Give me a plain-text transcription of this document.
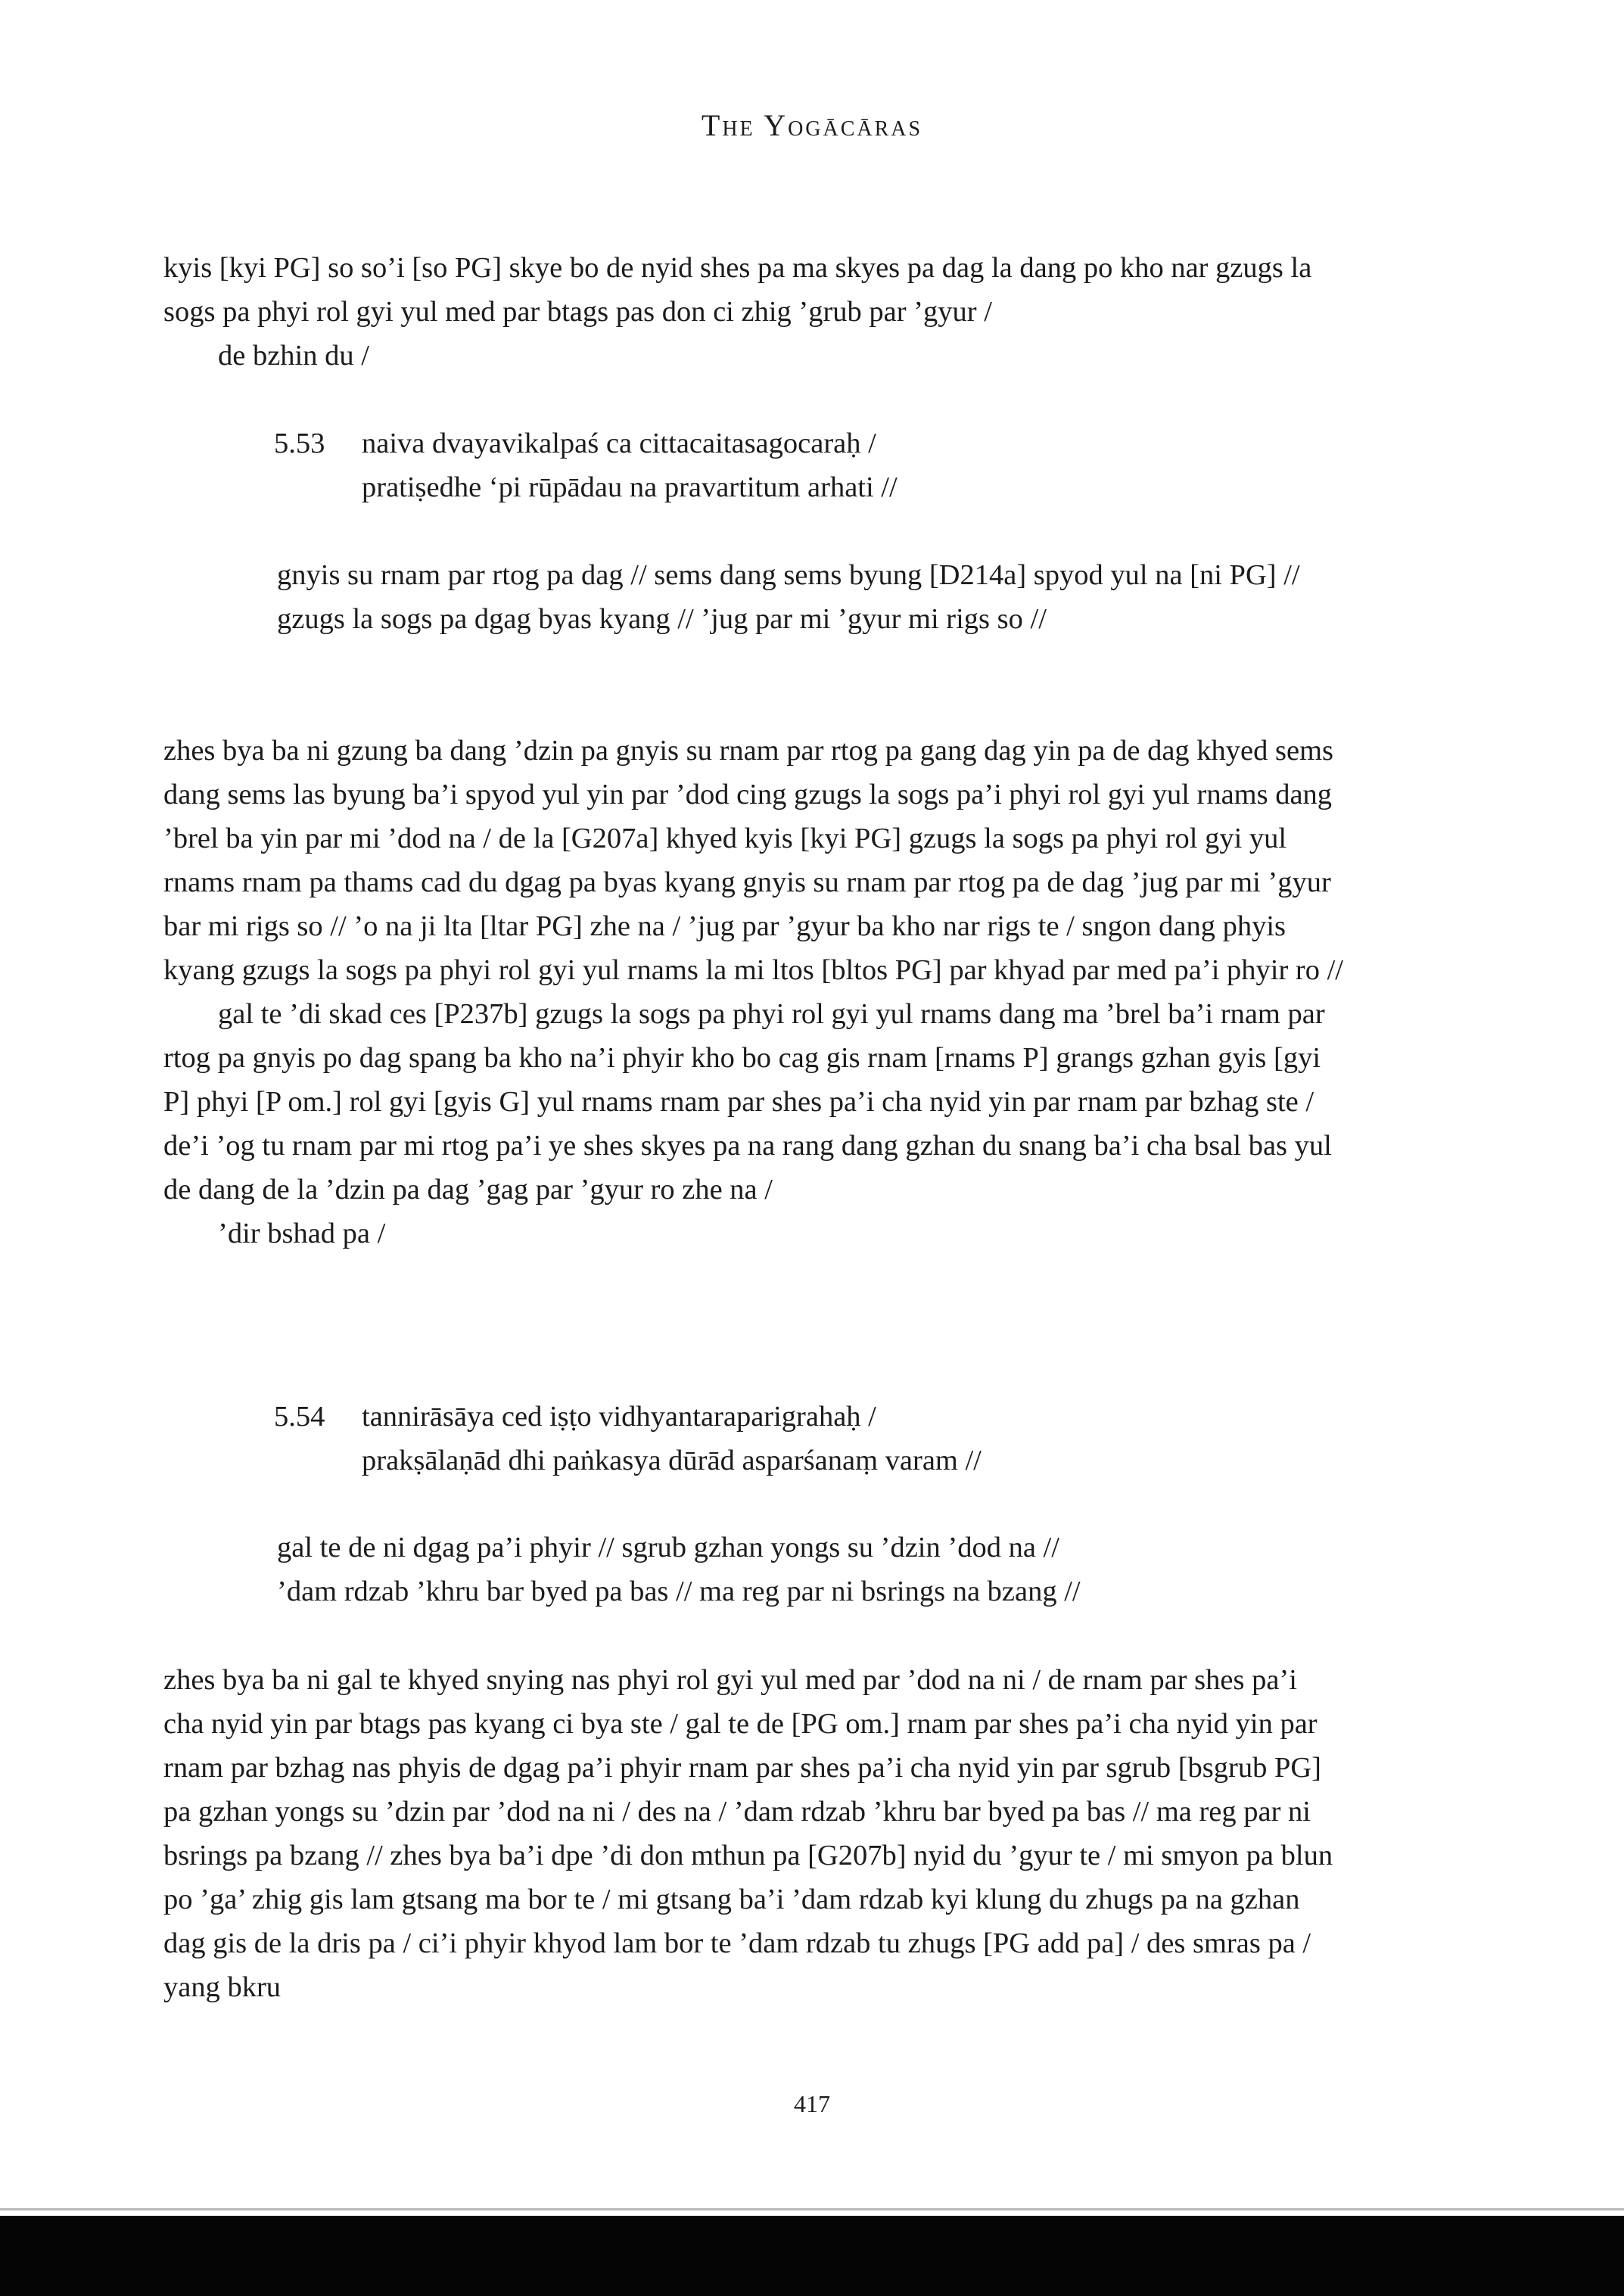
The Yogācāras

kyis [kyi PG] so so’i [so PG] skye bo de nyid shes pa ma skyes pa dag la dang po kho nar gzugs la sogs pa phyi rol gyi yul med par btags pas don ci zhig ’grub par ’gyur /

de bzhin du /

5.53 naiva dvayavikalpaś ca cittacaitasagocaraḥ /
pratiṣedhe ‘pi rūpādau na pravartitum arhati //

gnyis su rnam par rtog pa dag // sems dang sems byung [D214a] spyod yul na [ni PG] //

gzugs la sogs pa dgag byas kyang // ’jug par mi ’gyur mi rigs so //

zhes bya ba ni gzung ba dang ’dzin pa gnyis su rnam par rtog pa gang dag yin pa de dag khyed sems dang sems las byung ba’i spyod yul yin par ’dod cing gzugs la sogs pa’i phyi rol gyi yul rnams dang ’brel ba yin par mi ’dod na / de la [G207a] khyed kyis [kyi PG] gzugs la sogs pa phyi rol gyi yul rnams rnam pa thams cad du dgag pa byas kyang gnyis su rnam par rtog pa de dag ’jug par mi ’gyur bar mi rigs so // ’o na ji lta [ltar PG] zhe na / ’jug par ’gyur ba kho nar rigs te / sngon dang phyis kyang gzugs la sogs pa phyi rol gyi yul rnams la mi ltos [bltos PG] par khyad par med pa’i phyir ro //

gal te ’di skad ces [P237b] gzugs la sogs pa phyi rol gyi yul rnams dang ma ’brel ba’i rnam par rtog pa gnyis po dag spang ba kho na’i phyir kho bo cag gis rnam [rnams P] grangs gzhan gyis [gyi P] phyi [P om.] rol gyi [gyis G] yul rnams rnam par shes pa’i cha nyid yin par rnam par bzhag ste / de’i ’og tu rnam par mi rtog pa’i ye shes skyes pa na rang dang gzhan du snang ba’i cha bsal bas yul de dang de la ’dzin pa dag ’gag par ’gyur ro zhe na /

’dir bshad pa /

5.54 tannirāsāya ced iṣṭo vidhyantaraparigrahaḥ /
prakṣālaṇād dhi paṅkasya dūrād asparśanaṃ varam //

gal te de ni dgag pa’i phyir // sgrub gzhan yongs su ’dzin ’dod na //

’dam rdzab ’khru bar byed pa bas // ma reg par ni bsrings na bzang //

zhes bya ba ni gal te khyed snying nas phyi rol gyi yul med par ’dod na ni / de rnam par shes pa’i cha nyid yin par btags pas kyang ci bya ste / gal te de [PG om.] rnam par shes pa’i cha nyid yin par rnam par bzhag nas phyis de dgag pa’i phyir rnam par shes pa’i cha nyid yin par sgrub [bsgrub PG] pa gzhan yongs su ’dzin par ’dod na ni / des na / ’dam rdzab ’khru bar byed pa bas // ma reg par ni bsrings pa bzang // zhes bya ba’i dpe ’di don mthun pa [G207b] nyid du ’gyur te / mi smyon pa blun po ’ga’ zhig gis lam gtsang ma bor te / mi gtsang ba’i ’dam rdzab kyi klung du zhugs pa na gzhan dag gis de la dris pa / ci’i phyir khyod lam bor te ’dam rdzab tu zhugs [PG add pa] / des smras pa / yang bkru

417
